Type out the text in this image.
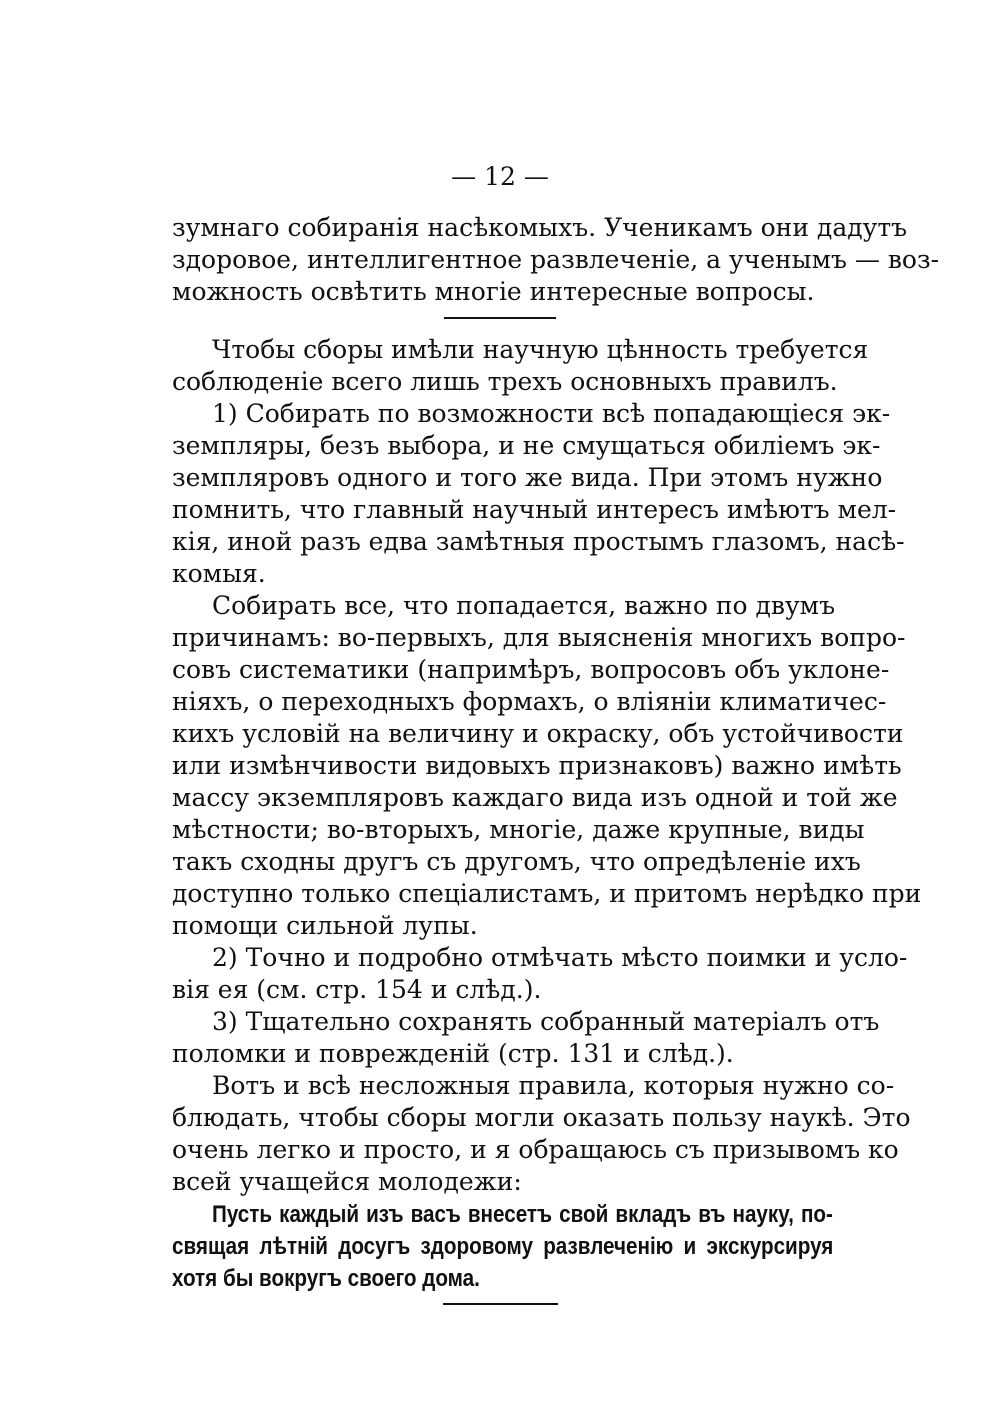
— 12 —
зумнаго собиранія насѣкомыхъ. Ученикамъ они дадутъ
здоровое, интеллигентное развлеченіе, а ученымъ — воз-
можность освѣтить многіе интересные вопросы.
Чтобы сборы имѣли научную цѣнность требуется
соблюденіе всего лишь трехъ основныхъ правилъ.
1) Собирать по возможности всѣ попадающіеся эк-
земпляры, безъ выбора, и не смущаться обиліемъ эк-
земпляровъ одного и того же вида. При этомъ нужно
помнить, что главный научный интересъ имѣютъ мел-
кія, иной разъ едва замѣтныя простымъ глазомъ, насѣ-
комыя.
Собирать все, что попадается, важно по двумъ
причинамъ: во-первыхъ, для выясненія многихъ вопро-
совъ систематики (напримѣръ, вопросовъ объ уклоне-
ніяхъ, о переходныхъ формахъ, о вліяніи климатичес-
кихъ условій на величину и окраску, объ устойчивости
или измѣнчивости видовыхъ признаковъ) важно имѣть
массу экземпляровъ каждаго вида изъ одной и той же
мѣстности; во-вторыхъ, многіе, даже крупные, виды
такъ сходны другъ съ другомъ, что опредѣленіе ихъ
доступно только спеціалистамъ, и притомъ нерѣдко при
помощи сильной лупы.
2) Точно и подробно отмѣчать мѣсто поимки и усло-
вія ея (см. стр. 154 и слѣд.).
3) Тщательно сохранять собранный матеріалъ отъ
поломки и поврежденій (стр. 131 и слѣд.).
Вотъ и всѣ несложныя правила, которыя нужно со-
блюдать, чтобы сборы могли оказать пользу наукѣ. Это
очень легко и просто, и я обращаюсь съ призывомъ ко
всей учащейся молодежи:
Пусть каждый изъ васъ внесетъ свой вкладъ въ науку, по-
свящая лѣтній досугъ здоровому развлеченію и экскурсируя
хотя бы вокругъ своего дома.
